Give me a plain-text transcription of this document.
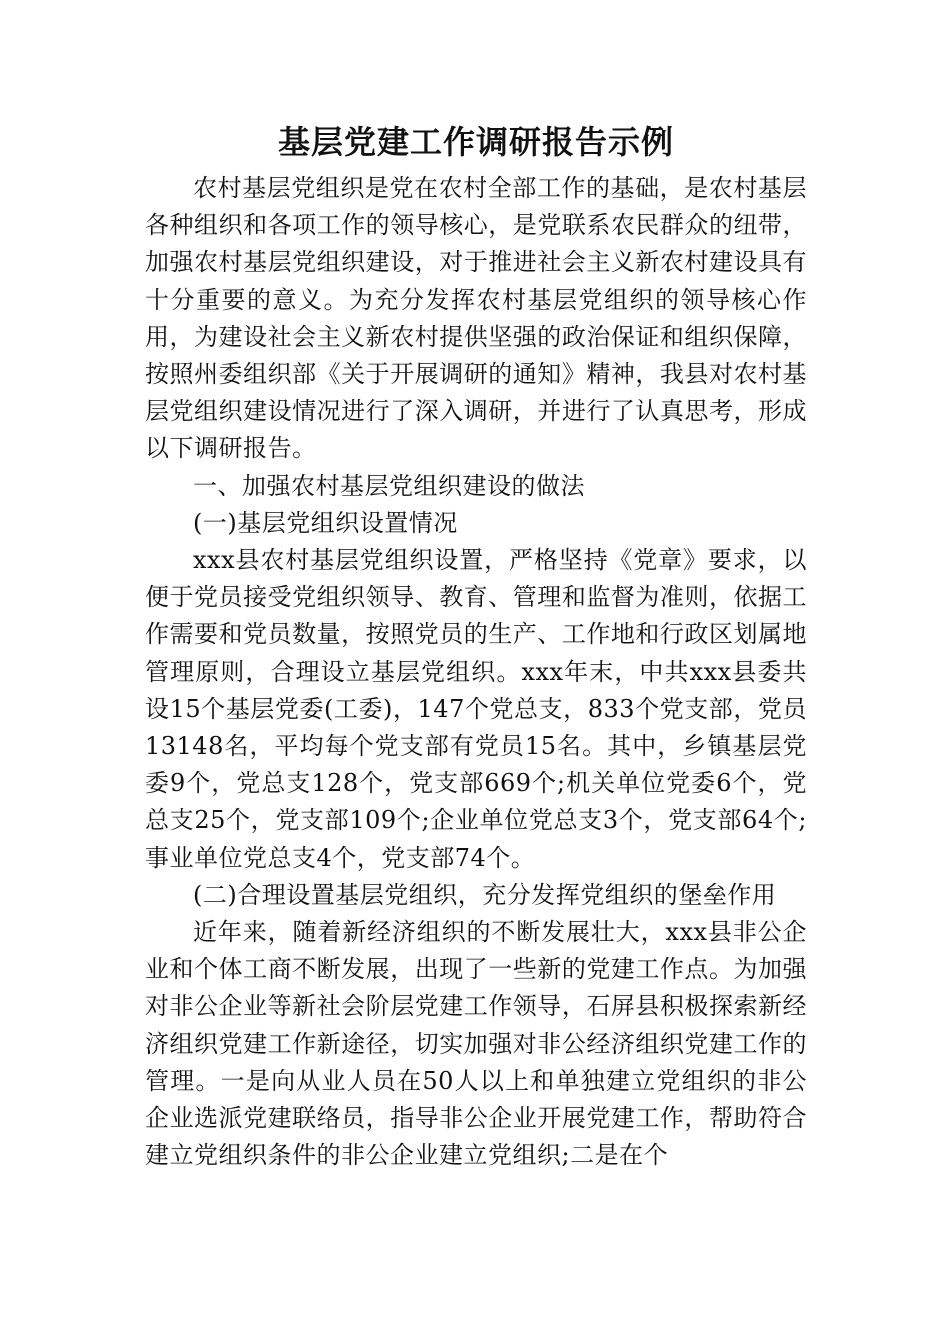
基层党建工作调研报告示例

农村基层党组织是党在农村全部工作的基础，是农村基层各种组织和各项工作的领导核心，是党联系农民群众的纽带，加强农村基层党组织建设，对于推进社会主义新农村建设具有十分重要的意义。为充分发挥农村基层党组织的领导核心作用，为建设社会主义新农村提供坚强的政治保证和组织保障，按照州委组织部《关于开展调研的通知》精神，我县对农村基层党组织建设情况进行了深入调研，并进行了认真思考，形成以下调研报告。

一、加强农村基层党组织建设的做法

(一)基层党组织设置情况

xxx县农村基层党组织设置，严格坚持《党章》要求，以便于党员接受党组织领导、教育、管理和监督为准则，依据工作需要和党员数量，按照党员的生产、工作地和行政区划属地管理原则，合理设立基层党组织。xxx年末，中共xxx县委共设15个基层党委(工委)，147个党总支，833个党支部，党员13148名，平均每个党支部有党员15名。其中，乡镇基层党委9个，党总支128个，党支部669个;机关单位党委6个，党总支25个，党支部109个;企业单位党总支3个，党支部64个;事业单位党总支4个，党支部74个。

(二)合理设置基层党组织，充分发挥党组织的堡垒作用

近年来，随着新经济组织的不断发展壮大，xxx县非公企业和个体工商不断发展，出现了一些新的党建工作点。为加强对非公企业等新社会阶层党建工作领导，石屏县积极探索新经济组织党建工作新途径，切实加强对非公经济组织党建工作的管理。一是向从业人员在50人以上和单独建立党组织的非公企业选派党建联络员，指导非公企业开展党建工作，帮助符合建立党组织条件的非公企业建立党组织;二是在个
